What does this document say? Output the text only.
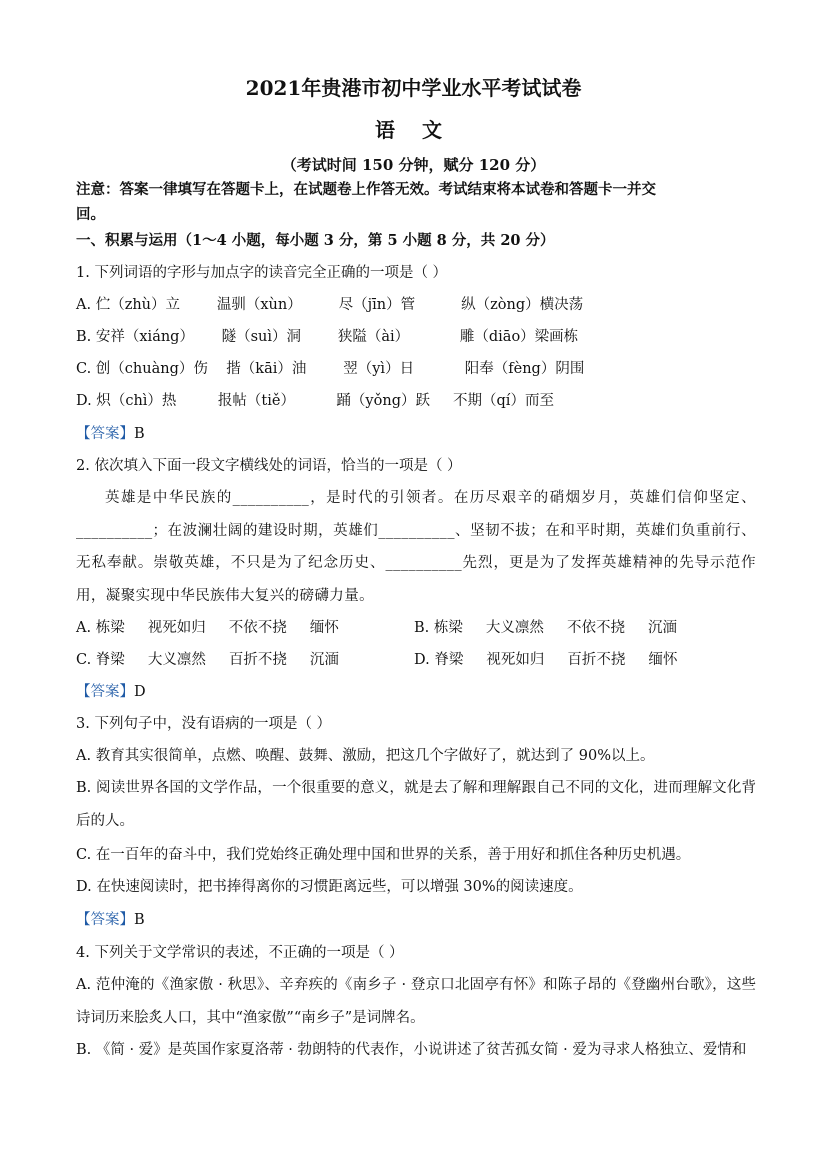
2021年贵港市初中学业水平考试试卷
语 文
（考试时间 150 分钟，赋分 120 分）
注意：答案一律填写在答题卡上，在试题卷上作答无效。考试结束将本试卷和答题卡一并交
回。
一、积累与运用（1～4 小题，每小题 3 分，第 5 小题 8 分，共 20 分）
1. 下列词语的字形与加点字的读音完全正确的一项是（ ）
A. 伫（zhù）立        温驯（xùn）        尽（jīn）管          纵（zòng）横决荡
B. 安祥（xiáng）      隧（suì）洞        狭隘（ài）           雕（diāo）梁画栋
C. 创（chuàng）伤    揩（kāi）油        翌（yì）日           阳奉（fèng）阴围
D. 炽（chì）热         报帖（tiě）         踊（yǒng）跃     不期（qí）而至
【答案】B
2. 依次填入下面一段文字横线处的词语，恰当的一项是（ ）
英雄是中华民族的__________，是时代的引领者。在历尽艰辛的硝烟岁月，英雄们信仰坚定、__________；在波澜壮阔的建设时期，英雄们__________、坚韧不拔；在和平时期，英雄们负重前行、无私奉献。崇敬英雄，不只是为了纪念历史、__________先烈，更是为了发挥英雄精神的先导示范作用，凝聚实现中华民族伟大复兴的磅礴力量。
A. 栋梁     视死如归     不依不挠     缅怀	B. 栋梁     大义凛然     不依不挠     沉湎
C. 脊梁     大义凛然     百折不挠     沉湎	D. 脊梁     视死如归     百折不挠     缅怀
【答案】D
3. 下列句子中，没有语病的一项是（ ）
A. 教育其实很简单，点燃、唤醒、鼓舞、激励，把这几个字做好了，就达到了 90%以上。
B. 阅读世界各国的文学作品，一个很重要的意义，就是去了解和理解跟自己不同的文化，进而理解文化背后的人。
C. 在一百年的奋斗中，我们党始终正确处理中国和世界的关系，善于用好和抓住各种历史机遇。
D. 在快速阅读时，把书捧得离你的习惯距离远些，可以增强 30%的阅读速度。
【答案】B
4. 下列关于文学常识的表述，不正确的一项是（ ）
A. 范仲淹的《渔家傲 · 秋思》、辛弃疾的《南乡子 · 登京口北固亭有怀》和陈子昂的《登幽州台歌》，这些诗词历来脍炙人口，其中“渔家傲”“南乡子”是词牌名。
B. 《简 · 爱》是英国作家夏洛蒂 · 勃朗特的代表作，小说讲述了贫苦孤女简 · 爱为寻求人格独立、爱情和
